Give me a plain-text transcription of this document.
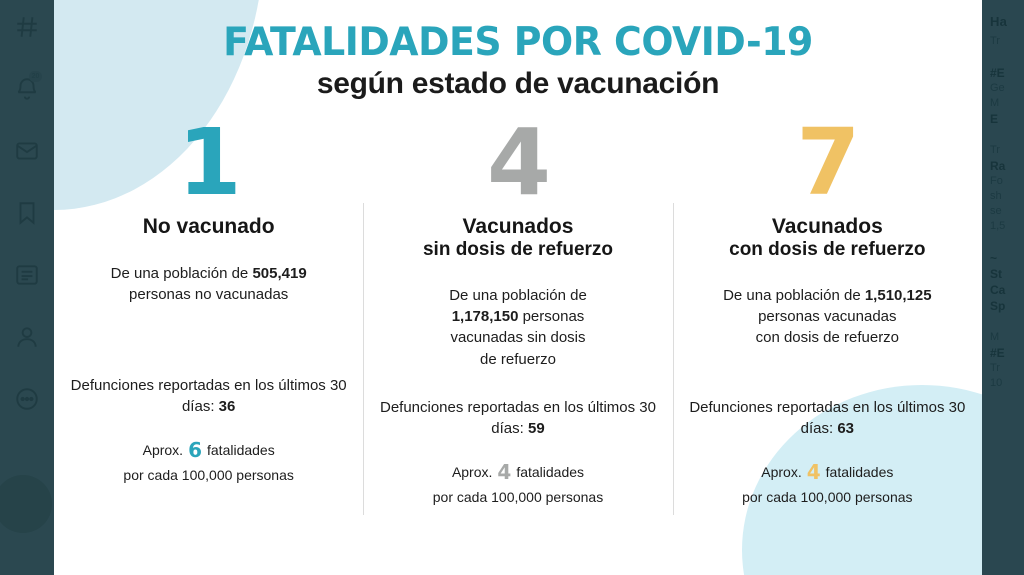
20
FATALIDADES POR COVID-19
según estado de vacunación
1
No vacunado
De una población de 505,419
personas no vacunadas
Defunciones reportadas en los últimos 30 días: 36
Aprox. 6 fatalidades
por cada 100,000 personas
4
Vacunados
sin dosis de refuerzo
De una población de
1,178,150 personas
vacunadas sin dosis
de refuerzo
Defunciones reportadas en los últimos 30 días: 59
Aprox. 4 fatalidades
por cada 100,000 personas
7
Vacunados
con dosis de refuerzo
De una población de 1,510,125
personas vacunadas
con dosis de refuerzo
Defunciones reportadas en los últimos 30 días: 63
Aprox. 4 fatalidades
por cada 100,000 personas
Ha
Tr
#E
Ge
M
E
Tr
Ra
Fo
sh
se
1,5
~
St
Ca
Sp
M
#E
Tr
10
